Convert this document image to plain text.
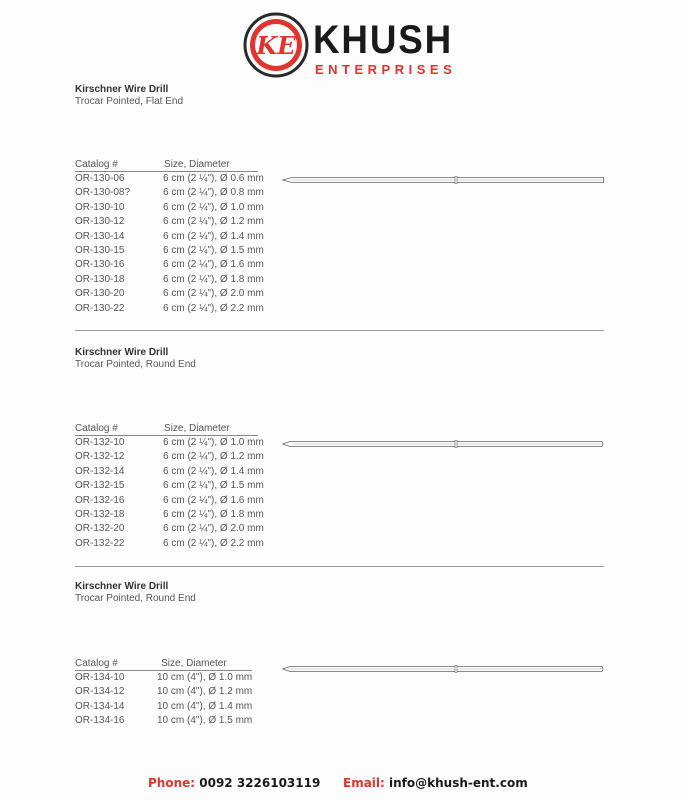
KE KHUSH
ENTERPRISES
Kirschner Wire Drill
Trocar Pointed, Flat End
Catalog #	Size, Diameter
OR-130-06	6 cm (2 ¼"), Ø 0.6 mm
OR-130-08?	6 cm (2 ¼"), Ø 0.8 mm
OR-130-10	6 cm (2 ¼"), Ø 1.0 mm
OR-130-12	6 cm (2 ¼"), Ø 1.2 mm
OR-130-14	6 cm (2 ¼"), Ø 1.4 mm
OR-130-15	6 cm (2 ¼"), Ø 1.5 mm
OR-130-16	6 cm (2 ¼"), Ø 1.6 mm
OR-130-18	6 cm (2 ¼"), Ø 1.8 mm
OR-130-20	6 cm (2 ¼"), Ø 2.0 mm
OR-130-22	6 cm (2 ¼"), Ø 2.2 mm
Kirschner Wire Drill
Trocar Pointed, Round End
Catalog #	Size, Diameter
OR-132-10	6 cm (2 ¼"), Ø 1.0 mm
OR-132-12	6 cm (2 ¼"), Ø 1.2 mm
OR-132-14	6 cm (2 ¼"), Ø 1.4 mm
OR-132-15	6 cm (2 ¼"), Ø 1.5 mm
OR-132-16	6 cm (2 ¼"), Ø 1.6 mm
OR-132-18	6 cm (2 ¼"), Ø 1.8 mm
OR-132-20	6 cm (2 ¼"), Ø 2.0 mm
OR-132-22	6 cm (2 ¼"), Ø 2.2 mm
Kirschner Wire Drill
Trocar Pointed, Round End
Catalog #	Size, Diameter
OR-134-10	10 cm (4"), Ø 1.0 mm
OR-134-12	10 cm (4"), Ø 1.2 mm
OR-134-14	10 cm (4"), Ø 1.4 mm
OR-134-16	10 cm (4"), Ø 1.5 mm
Phone: 0092 3226103119 Email: info@khush-ent.com
